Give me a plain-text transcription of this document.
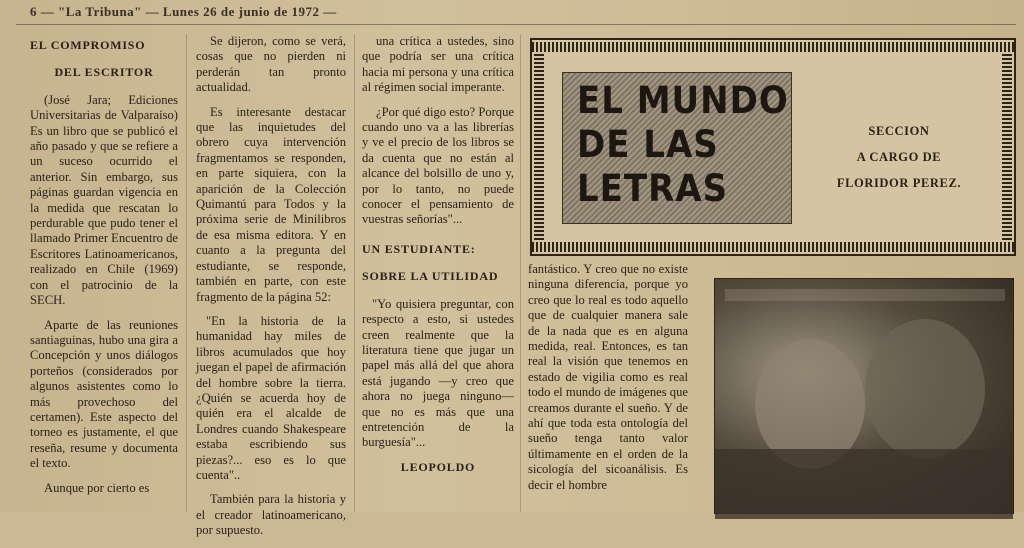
6 — "La Tribuna" — Lunes 26 de junio de 1972 —

EL COMPROMISO

DEL ESCRITOR

(José Jara; Ediciones Universitarias de Valparaíso) Es un libro que se publicó el año pasado y que se refiere a un suceso ocurrido el anterior. Sin embargo, sus páginas guardan vigencia en la medida que rescatan lo perdurable que pudo tener el llamado Primer Encuentro de Escritores Latinoamericanos, realizado en Chile (1969) con el patrocinio de la SECH.

Aparte de las reuniones santiaguinas, hubo una gira a Concepción y unos diálogos porteños (considerados por algunos asistentes como lo más provechoso del certamen). Este aspecto del torneo es justamente, el que reseña, resume y documenta el texto.

Aunque por cierto es

Se dijeron, como se verá, cosas que no pierden ni perderán tan pronto actualidad.

Es interesante destacar que las inquietudes del obrero cuya intervención fragmentamos se responden, en parte siquiera, con la aparición de la Colección Quimantú para Todos y la próxima serie de Minilibros de esa misma editora. Y en cuanto a la pregunta del estudiante, se responde, también en parte, con este fragmento de la página 52:

"En la historia de la humanidad hay miles de libros acumulados que hoy juegan el papel de afirmación del hombre sobre la tierra. ¿Quién se acuerda hoy de quién era el alcalde de Londres cuando Shakespeare estaba escribiendo sus piezas?... eso es lo que cuenta"..

También para la historia y el creador latinoamericano, por supuesto.

una crítica a ustedes, sino que podría ser una crítica hacia mi persona y una crítica al régimen social imperante.

¿Por qué digo esto? Porque cuando uno va a las librerías y ve el precio de los libros se da cuenta que no están al alcance del bolsillo de uno y, por lo tanto, no puede conocer el pensamiento de vuestras señorías"...

UN ESTUDIANTE:

SOBRE LA UTILIDAD

"Yo quisiera preguntar, con respecto a esto, si ustedes creen realmente que la literatura tiene que jugar un papel más allá del que ahora está jugando —y creo que ahora no juega ninguno— que no es más que una entretención de la burguesía"...

LEOPOLDO

fantástico. Y creo que no existe ninguna diferencia, porque yo creo que lo real es todo aquello que de cualquier manera sale de la nada que es en alguna medida, real. Entonces, es tan real la visión que tenemos en estado de vigilia como es real todo el mundo de imágenes que creamos durante el sueño. Y de ahí que toda esta ontología del sueño tenga tanto valor últimamente en el orden de la sicología del sicoanálisis. Es decir el hombre

EL MUNDO
DE LAS
LETRAS
SECCION
A CARGO DE
FLORIDOR PEREZ.
